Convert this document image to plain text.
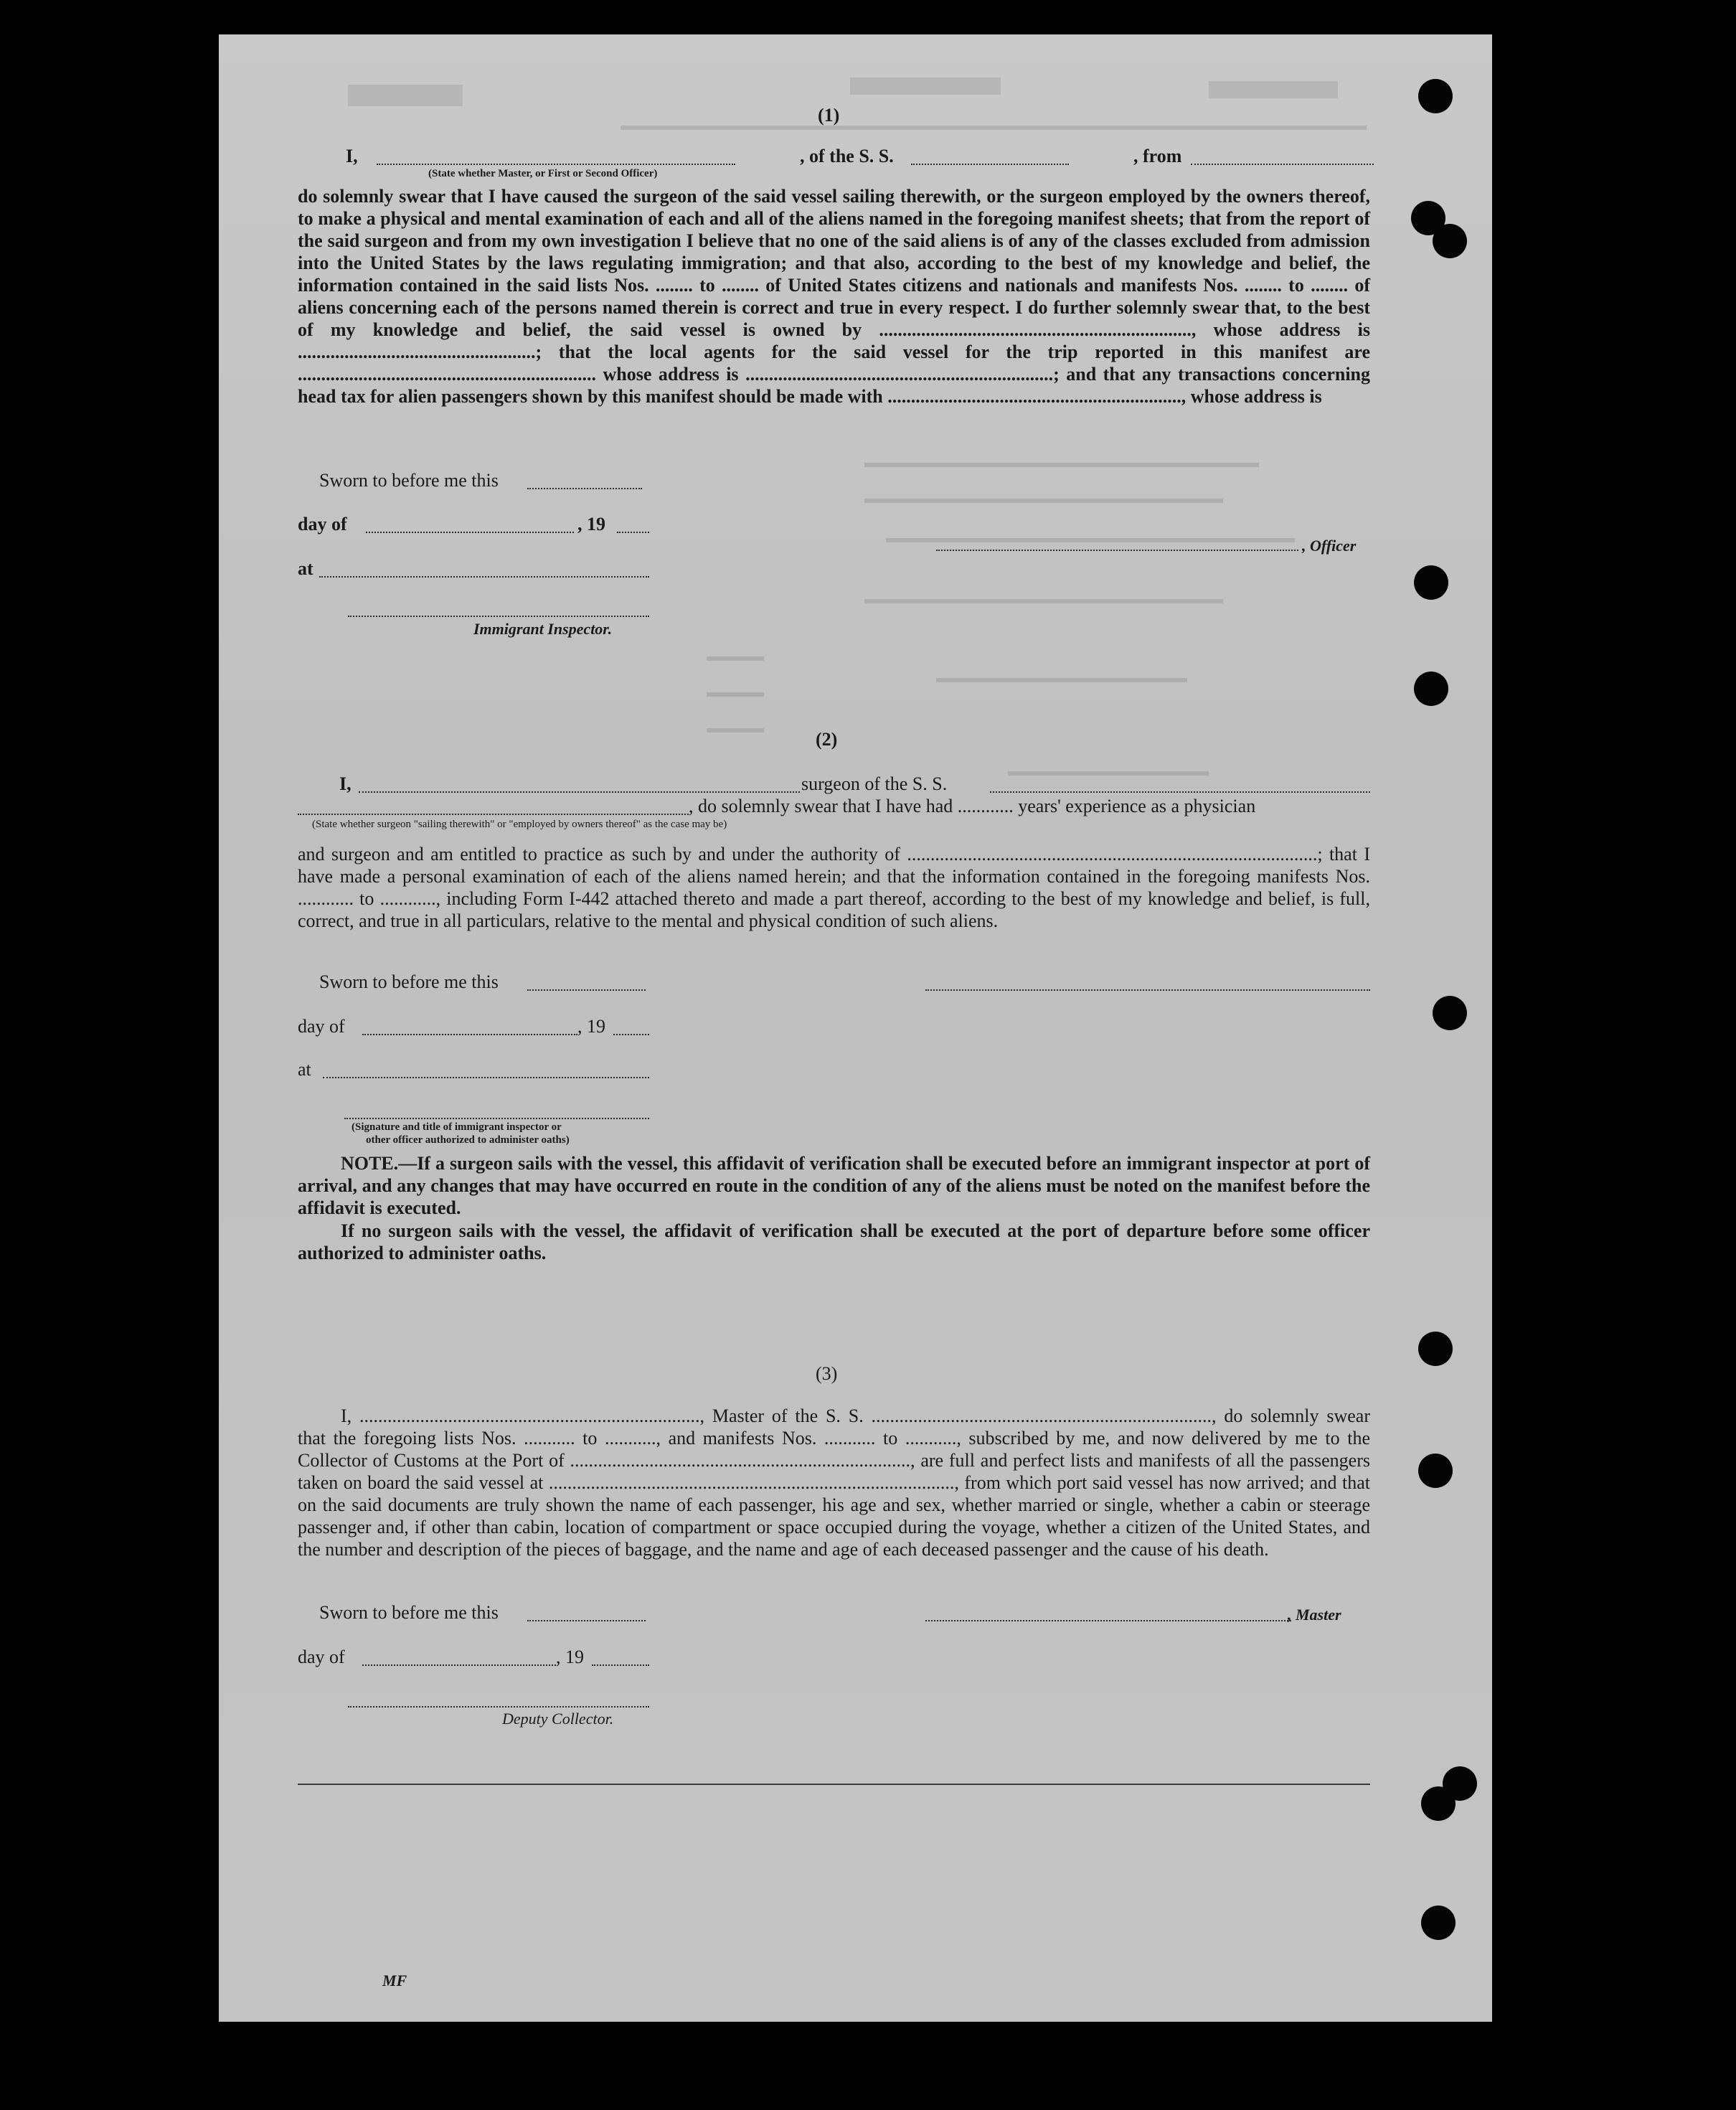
(1)
I,	, of the S. S.	, from
(State whether Master, or First or Second Officer)
do solemnly swear that I have caused the surgeon of the said vessel sailing therewith, or the surgeon employed by the owners thereof, to make a physical and mental examination of each and all of the aliens named in the foregoing manifest sheets; that from the report of the said surgeon and from my own investigation I believe that no one of the said aliens is of any of the classes excluded from admission into the United States by the laws regulating immigration; and that also, according to the best of my knowledge and belief, the information contained in the said lists Nos. ........ to ........ of United States citizens and nationals and manifests Nos. ........ to ........ of aliens concerning each of the persons named therein is correct and true in every respect. I do further solemnly swear that, to the best of my knowledge and belief, the said vessel is owned by ..................................................................., whose address is ...................................................; that the local agents for the said vessel for the trip reported in this manifest are ................................................................ whose address is ..................................................................; and that any transactions concerning head tax for alien passengers shown by this manifest should be made with ..............................................................., whose address is
Sworn to before me this
day of	, 19
, Officer
at
Immigrant Inspector.
(2)
I,	surgeon of the S. S.
, do solemnly swear that I have had ............ years' experience as a physician
(State whether surgeon "sailing therewith" or "employed by owners thereof" as the case may be)
and surgeon and am entitled to practice as such by and under the authority of ........................................................................................; that I have made a personal examination of each of the aliens named herein; and that the information contained in the foregoing manifests Nos. ............ to ............, including Form I-442 attached thereto and made a part thereof, according to the best of my knowledge and belief, is full, correct, and true in all particulars, relative to the mental and physical condition of such aliens.
Sworn to before me this
day of	, 19
at
(Signature and title of immigrant inspector or
other officer authorized to administer oaths)
NOTE.—If a surgeon sails with the vessel, this affidavit of verification shall be executed before an immigrant inspector at port of arrival, and any changes that may have occurred en route in the condition of any of the aliens must be noted on the manifest before the affidavit is executed.
If no surgeon sails with the vessel, the affidavit of verification shall be executed at the port of departure before some officer authorized to administer oaths.
(3)
I, ........................................................................., Master of the S. S. ........................................................................., do solemnly swear that the foregoing lists Nos. ........... to ..........., and manifests Nos. ........... to ..........., subscribed by me, and now delivered by me to the Collector of Customs at the Port of ........................................................................., are full and perfect lists and manifests of all the passengers taken on board the said vessel at ......................................................................................., from which port said vessel has now arrived; and that on the said documents are truly shown the name of each passenger, his age and sex, whether married or single, whether a cabin or steerage passenger and, if other than cabin, location of compartment or space occupied during the voyage, whether a citizen of the United States, and the number and description of the pieces of baggage, and the name and age of each deceased passenger and the cause of his death.
Sworn to before me this	, Master
day of	, 19
Deputy Collector.
MF
